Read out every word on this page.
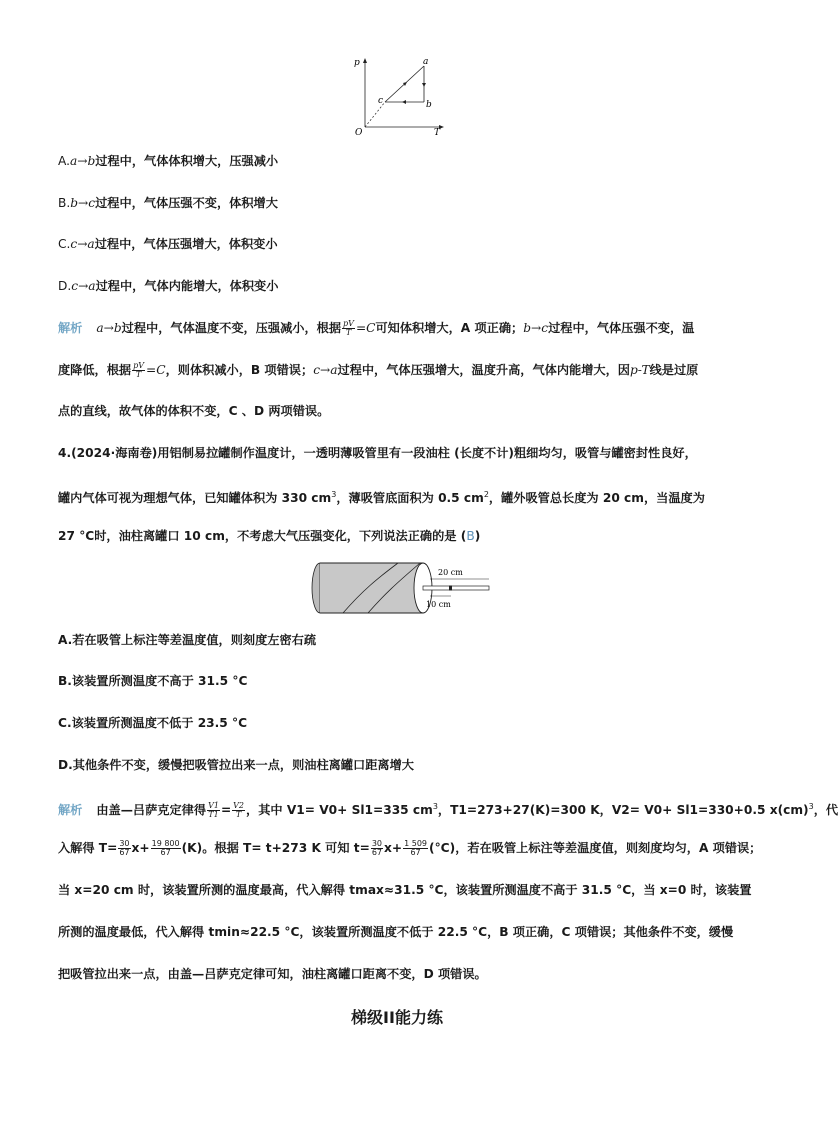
p
T
O
a
b
c
A.a→b过程中，气体体积增大，压强减小
B.b→c过程中，气体压强不变，体积增大
C.c→a过程中，气体压强增大，体积变小
D.c→a过程中，气体内能增大，体积变小
解析 a→b过程中，气体温度不变，压强减小，根据 $\frac{pV}{T} =C$可知体积增大，A 项正确；b→c过程中，气体压强不变，温
度降低，根据 $\frac{pV}{T} =C$，则体积减小，B 项错误；c→a过程中，气体压强增大，温度升高，气体内能增大，因p-T线是过原
点的直线，故气体的体积不变，C 、D 两项错误。
4.(2024·海南卷)用铝制易拉罐制作温度计，一透明薄吸管里有一段油柱 (长度不计)粗细均匀，吸管与罐密封性良好，
罐内气体可视为理想气体，已知罐体积为 330 $cm^3$，薄吸管底面积为 0.5 $cm^2$，罐外吸管总长度为 20 cm，当温度为
27 °C时，油柱离罐口 10 cm，不考虑大气压强变化，下列说法正确的是 (B)
20 cm
10 cm
A.若在吸管上标注等差温度值，则刻度左密右疏
B.该装置所测温度不高于 31.5 °C
C.该装置所测温度不低于 23.5 °C
D.其他条件不变，缓慢把吸管拉出来一点，则油柱离罐口距离增大
解析 由盖—吕萨克定律得 $\frac{V1}{T1} = \frac{V2}{T}$ ，其中 V1= V0+ Sl1=335 $cm^3$，T1=273+27(K)=300 K，V2= V0+ Sl1=330+0.5 x(cm)$^3$，代
入解得 $T= \frac{30}{67} x+ \frac{19 800}{67} (K)$。根据 T= t+273 K 可知 $t= \frac{30}{67} x+ \frac{1 509}{67} (^\circ C)$，若在吸管上标注等差温度值，则刻度均匀，A 项错误；
当 x=20 cm 时，该装置所测的温度最高，代入解得 tmax≈31.5 °C，该装置所测温度不高于 31.5 °C，当 x=0 时，该装置
所测的温度最低，代入解得 tmin≈22.5 °C，该装置所测温度不低于 22.5 °C，B 项正确，C 项错误；其他条件不变，缓慢
把吸管拉出来一点，由盖—吕萨克定律可知，油柱离罐口距离不变，D 项错误。
梯级II能力练
